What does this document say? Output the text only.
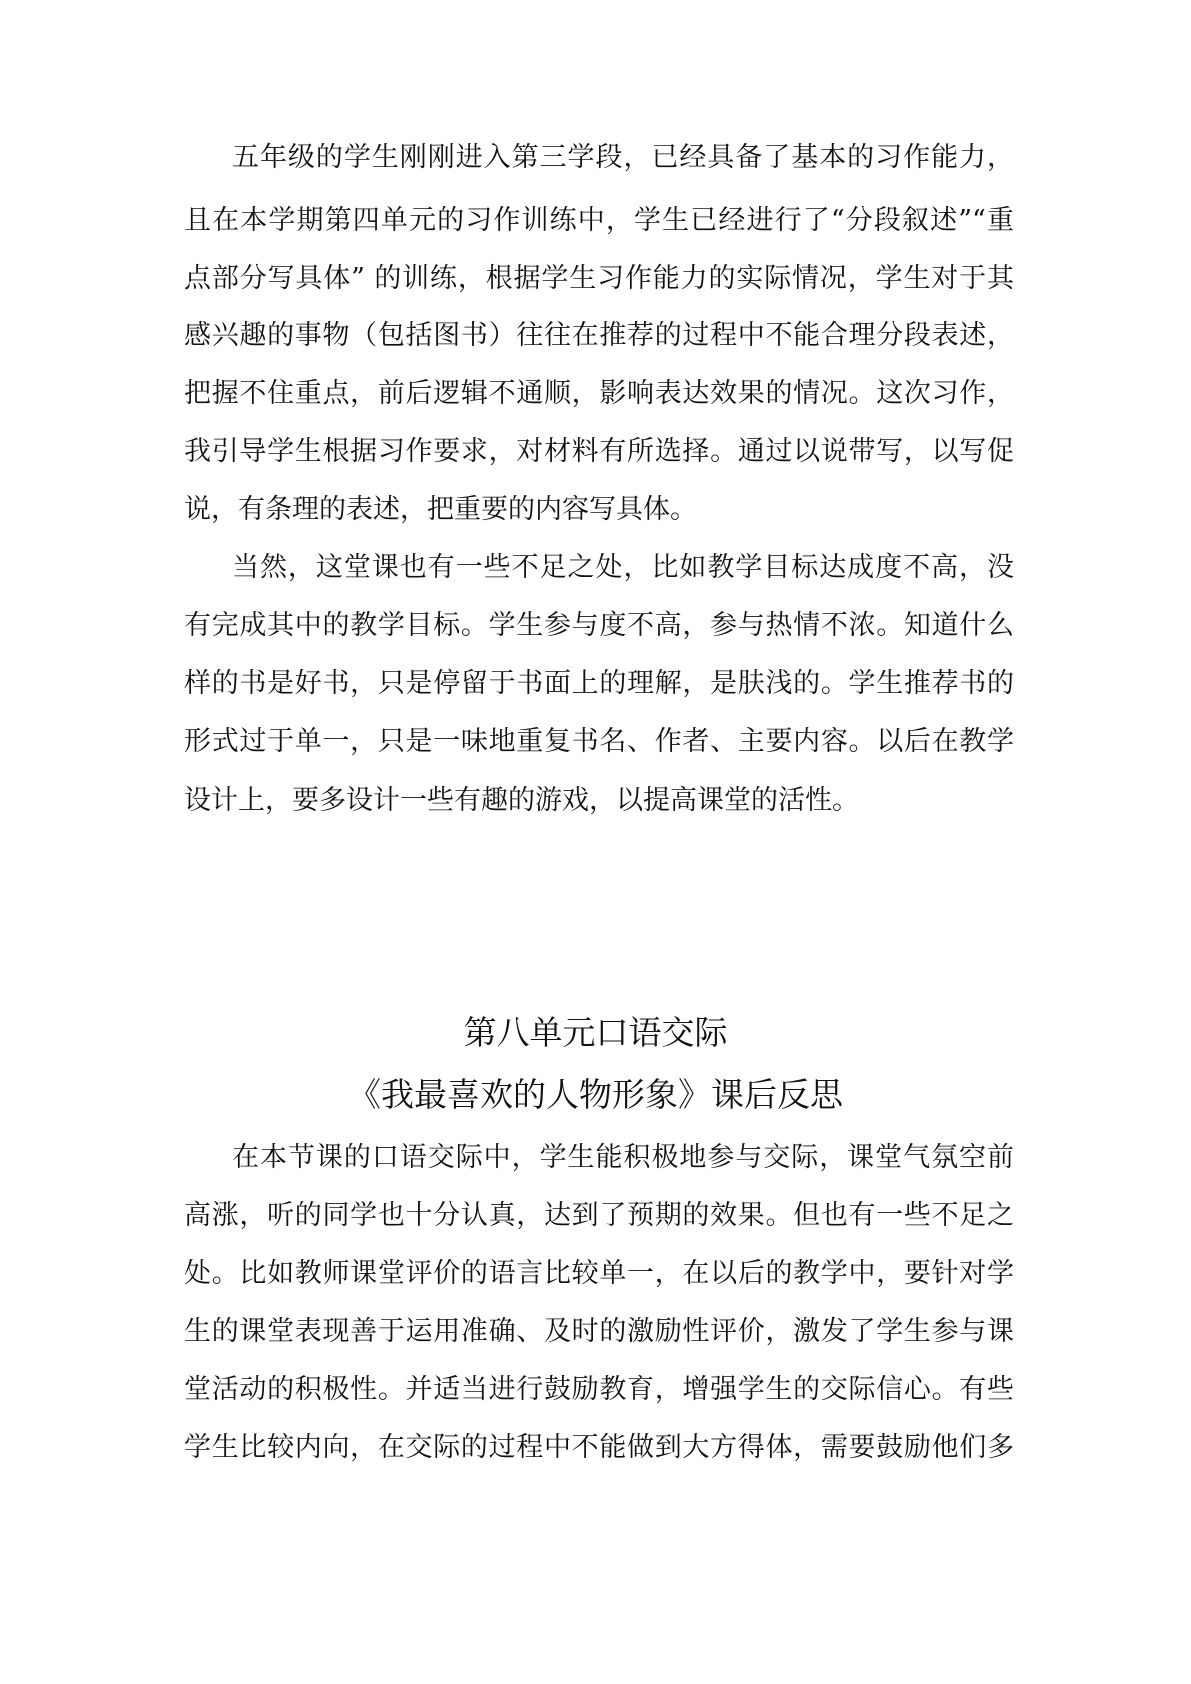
五年级的学生刚刚进入第三学段，已经具备了基本的习作能力，
且在本学期第四单元的习作训练中，学生已经进行了“分段叙述”“重
点部分写具体” 的训练，根据学生习作能力的实际情况，学生对于其
感兴趣的事物（包括图书）往往在推荐的过程中不能合理分段表述，
把握不住重点，前后逻辑不通顺，影响表达效果的情况。这次习作，
我引导学生根据习作要求，对材料有所选择。通过以说带写，以写促
说，有条理的表述，把重要的内容写具体。
当然，这堂课也有一些不足之处，比如教学目标达成度不高，没
有完成其中的教学目标。学生参与度不高，参与热情不浓。知道什么
样的书是好书，只是停留于书面上的理解，是肤浅的。学生推荐书的
形式过于单一，只是一味地重复书名、作者、主要内容。以后在教学
设计上，要多设计一些有趣的游戏，以提高课堂的活性。
第八单元口语交际
《我最喜欢的人物形象》课后反思
在本节课的口语交际中，学生能积极地参与交际，课堂气氛空前
高涨，听的同学也十分认真，达到了预期的效果。但也有一些不足之
处。比如教师课堂评价的语言比较单一，在以后的教学中，要针对学
生的课堂表现善于运用准确、及时的激励性评价，激发了学生参与课
堂活动的积极性。并适当进行鼓励教育，增强学生的交际信心。有些
学生比较内向，在交际的过程中不能做到大方得体，需要鼓励他们多
